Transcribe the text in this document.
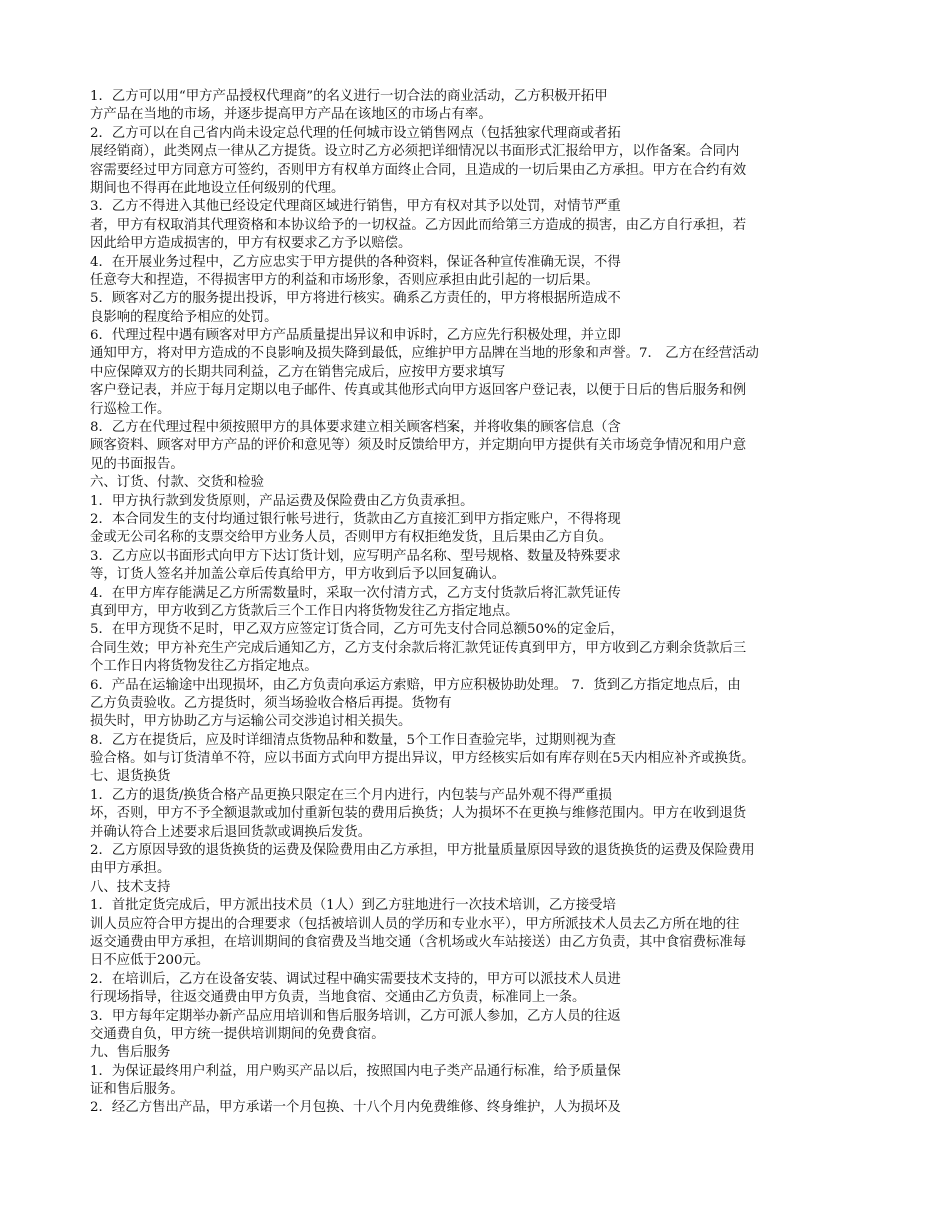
1．乙方可以用“甲方产品授权代理商”的名义进行一切合法的商业活动，乙方积极开拓甲
方产品在当地的市场，并逐步提高甲方产品在该地区的市场占有率。
2．乙方可以在自己省内尚未设定总代理的任何城市设立销售网点（包括独家代理商或者拓
展经销商），此类网点一律从乙方提货。设立时乙方必须把详细情况以书面形式汇报给甲方，以作备案。合同内
容需要经过甲方同意方可签约，否则甲方有权单方面终止合同，且造成的一切后果由乙方承担。甲方在合约有效
期间也不得再在此地设立任何级别的代理。
3．乙方不得进入其他已经设定代理商区域进行销售，甲方有权对其予以处罚，对情节严重
者，甲方有权取消其代理资格和本协议给予的一切权益。乙方因此而给第三方造成的损害，由乙方自行承担，若
因此给甲方造成损害的，甲方有权要求乙方予以赔偿。
4．在开展业务过程中，乙方应忠实于甲方提供的各种资料，保证各种宣传准确无误，不得
任意夸大和捏造，不得损害甲方的利益和市场形象，否则应承担由此引起的一切后果。
5．顾客对乙方的服务提出投诉，甲方将进行核实。确系乙方责任的，甲方将根据所造成不
良影响的程度给予相应的处罚。
6．代理过程中遇有顾客对甲方产品质量提出异议和申诉时，乙方应先行积极处理，并立即
通知甲方，将对甲方造成的不良影响及损失降到最低，应维护甲方品牌在当地的形象和声誉。7． 乙方在经营活动
中应保障双方的长期共同利益，乙方在销售完成后，应按甲方要求填写
客户登记表，并应于每月定期以电子邮件、传真或其他形式向甲方返回客户登记表，以便于日后的售后服务和例
行巡检工作。
8．乙方在代理过程中须按照甲方的具体要求建立相关顾客档案，并将收集的顾客信息（含
顾客资料、顾客对甲方产品的评价和意见等）须及时反馈给甲方，并定期向甲方提供有关市场竞争情况和用户意
见的书面报告。
六、订货、付款、交货和检验
1．甲方执行款到发货原则，产品运费及保险费由乙方负责承担。
2．本合同发生的支付均通过银行帐号进行，货款由乙方直接汇到甲方指定账户，不得将现
金或无公司名称的支票交给甲方业务人员，否则甲方有权拒绝发货，且后果由乙方自负。
3．乙方应以书面形式向甲方下达订货计划，应写明产品名称、型号规格、数量及特殊要求
等，订货人签名并加盖公章后传真给甲方，甲方收到后予以回复确认。
4．在甲方库存能满足乙方所需数量时，采取一次付清方式，乙方支付货款后将汇款凭证传
真到甲方，甲方收到乙方货款后三个工作日内将货物发往乙方指定地点。
5．在甲方现货不足时，甲乙双方应签定订货合同，乙方可先支付合同总额50%的定金后，
合同生效；甲方补充生产完成后通知乙方，乙方支付余款后将汇款凭证传真到甲方，甲方收到乙方剩余货款后三
个工作日内将货物发往乙方指定地点。
6．产品在运输途中出现损坏，由乙方负责向承运方索赔，甲方应积极协助处理。 7．货到乙方指定地点后，由
乙方负责验收。乙方提货时，须当场验收合格后再提。货物有
损失时，甲方协助乙方与运输公司交涉追讨相关损失。
8．乙方在提货后，应及时详细清点货物品种和数量，5个工作日查验完毕，过期则视为查
验合格。如与订货清单不符，应以书面方式向甲方提出异议，甲方经核实后如有库存则在5天内相应补齐或换货。
七、退货换货
1．乙方的退货/换货合格产品更换只限定在三个月内进行，内包装与产品外观不得严重损
坏，否则，甲方不予全额退款或加付重新包装的费用后换货；人为损坏不在更换与维修范围内。甲方在收到退货
并确认符合上述要求后退回货款或调换后发货。
2．乙方原因导致的退货换货的运费及保险费用由乙方承担，甲方批量质量原因导致的退货换货的运费及保险费用
由甲方承担。
八、技术支持
1．首批定货完成后，甲方派出技术员（1人）到乙方驻地进行一次技术培训，乙方接受培
训人员应符合甲方提出的合理要求（包括被培训人员的学历和专业水平），甲方所派技术人员去乙方所在地的往
返交通费由甲方承担，在培训期间的食宿费及当地交通（含机场或火车站接送）由乙方负责，其中食宿费标准每
日不应低于200元。
2．在培训后，乙方在设备安装、调试过程中确实需要技术支持的，甲方可以派技术人员进
行现场指导，往返交通费由甲方负责，当地食宿、交通由乙方负责，标准同上一条。
3．甲方每年定期举办新产品应用培训和售后服务培训，乙方可派人参加，乙方人员的往返
交通费自负，甲方统一提供培训期间的免费食宿。
九、售后服务
1．为保证最终用户利益，用户购买产品以后，按照国内电子类产品通行标准，给予质量保
证和售后服务。
2．经乙方售出产品，甲方承诺一个月包换、十八个月内免费维修、终身维护，人为损坏及
